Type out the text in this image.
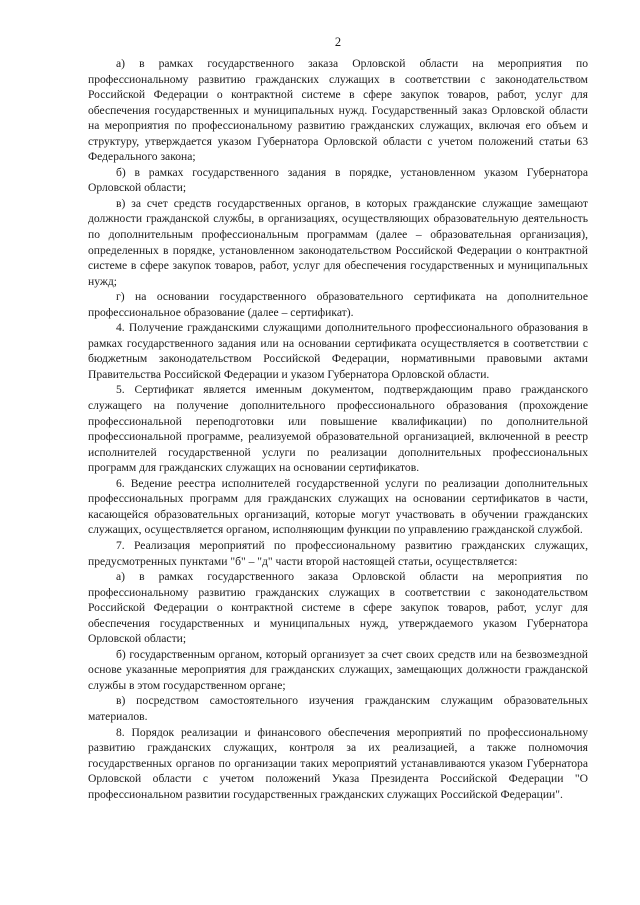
2

а) в рамках государственного заказа Орловской области на мероприятия по профессиональному развитию гражданских служащих в соответствии с законодательством Российской Федерации о контрактной системе в сфере закупок товаров, работ, услуг для обеспечения государственных и муниципальных нужд. Государственный заказ Орловской области на мероприятия по профессиональному развитию гражданских служащих, включая его объем и структуру, утверждается указом Губернатора Орловской области с учетом положений статьи 63 Федерального закона;

б) в рамках государственного задания в порядке, установленном указом Губернатора Орловской области;

в) за счет средств государственных органов, в которых гражданские служащие замещают должности гражданской службы, в организациях, осуществляющих образовательную деятельность по дополнительным профессиональным программам (далее – образовательная организация), определенных в порядке, установленном законодательством Российской Федерации о контрактной системе в сфере закупок товаров, работ, услуг для обеспечения государственных и муниципальных нужд;

г) на основании государственного образовательного сертификата на дополнительное профессиональное образование (далее – сертификат).

4. Получение гражданскими служащими дополнительного профессионального образования в рамках государственного задания или на основании сертификата осуществляется в соответствии с бюджетным законодательством Российской Федерации, нормативными правовыми актами Правительства Российской Федерации и указом Губернатора Орловской области.

5. Сертификат является именным документом, подтверждающим право гражданского служащего на получение дополнительного профессионального образования (прохождение профессиональной переподготовки или повышение квалификации) по дополнительной профессиональной программе, реализуемой образовательной организацией, включенной в реестр исполнителей государственной услуги по реализации дополнительных профессиональных программ для гражданских служащих на основании сертификатов.

6. Ведение реестра исполнителей государственной услуги по реализации дополнительных профессиональных программ для гражданских служащих на основании сертификатов в части, касающейся образовательных организаций, которые могут участвовать в обучении гражданских служащих, осуществляется органом, исполняющим функции по управлению гражданской службой.

7. Реализация мероприятий по профессиональному развитию гражданских служащих, предусмотренных пунктами "б" – "д" части второй настоящей статьи, осуществляется:

а) в рамках государственного заказа Орловской области на мероприятия по профессиональному развитию гражданских служащих в соответствии с законодательством Российской Федерации о контрактной системе в сфере закупок товаров, работ, услуг для обеспечения государственных и муниципальных нужд, утверждаемого указом Губернатора Орловской области;

б) государственным органом, который организует за счет своих средств или на безвозмездной основе указанные мероприятия для гражданских служащих, замещающих должности гражданской службы в этом государственном органе;

в) посредством самостоятельного изучения гражданским служащим образовательных материалов.

8. Порядок реализации и финансового обеспечения мероприятий по профессиональному развитию гражданских служащих, контроля за их реализацией, а также полномочия государственных органов по организации таких мероприятий устанавливаются указом Губернатора Орловской области с учетом положений Указа Президента Российской Федерации "О профессиональном развитии государственных гражданских служащих Российской Федерации".
